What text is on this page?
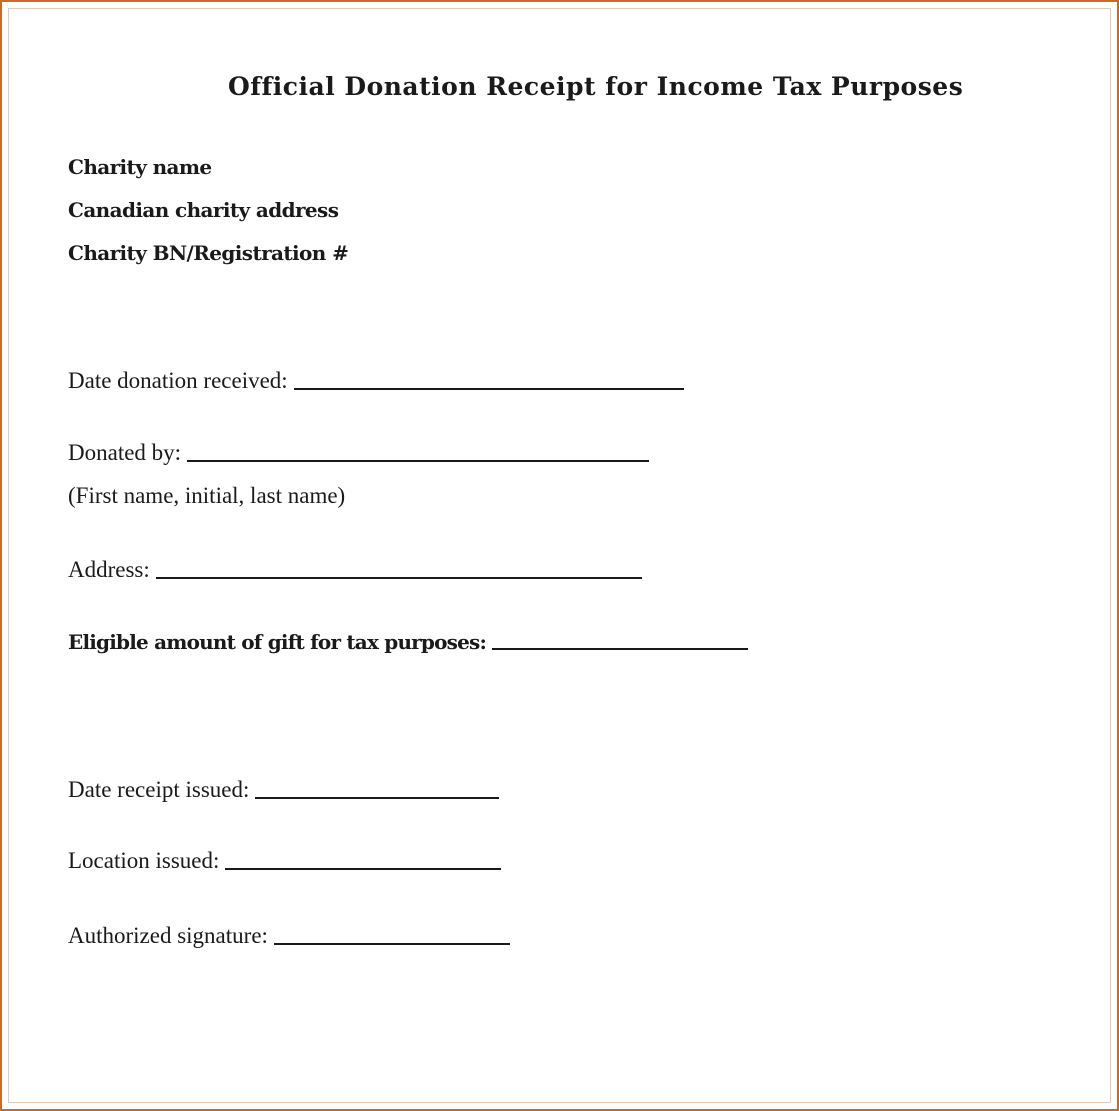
Official Donation Receipt for Income Tax Purposes
Charity name
Canadian charity address
Charity BN/Registration #
Date donation received:
Donated by:
(First name, initial, last name)
Address:
Eligible amount of gift for tax purposes:
Date receipt issued:
Location issued:
Authorized signature:
